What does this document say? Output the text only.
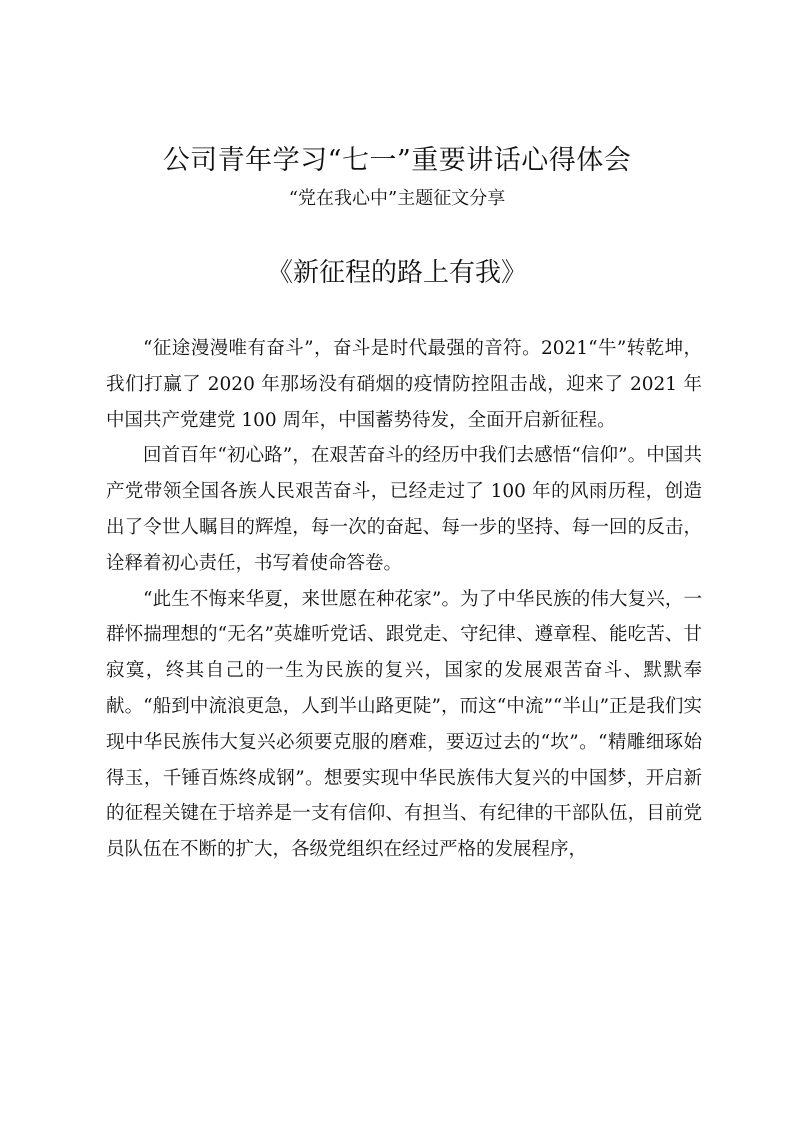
公司青年学习“七一”重要讲话心得体会
“党在我心中”主题征文分享
《新征程的路上有我》

“征途漫漫唯有奋斗”，奋斗是时代最强的音符。2021“牛”转乾坤，我们打赢了 2020 年那场没有硝烟的疫情防控阻击战，迎来了 2021 年中国共产党建党 100 周年，中国蓄势待发，全面开启新征程。

回首百年“初心路”，在艰苦奋斗的经历中我们去感悟“信仰”。中国共产党带领全国各族人民艰苦奋斗，已经走过了 100 年的风雨历程，创造出了令世人瞩目的辉煌，每一次的奋起、每一步的坚持、每一回的反击，诠释着初心责任，书写着使命答卷。

“此生不悔来华夏，来世愿在种花家”。为了中华民族的伟大复兴，一群怀揣理想的“无名”英雄听党话、跟党走、守纪律、遵章程、能吃苦、甘寂寞，终其自己的一生为民族的复兴，国家的发展艰苦奋斗、默默奉献。“船到中流浪更急，人到半山路更陡”，而这“中流”“半山”正是我们实现中华民族伟大复兴必须要克服的磨难，要迈过去的“坎”。“精雕细琢始得玉，千锤百炼终成钢”。想要实现中华民族伟大复兴的中国梦，开启新的征程关键在于培养是一支有信仰、有担当、有纪律的干部队伍，目前党员队伍在不断的扩大，各级党组织在经过严格的发展程序，
